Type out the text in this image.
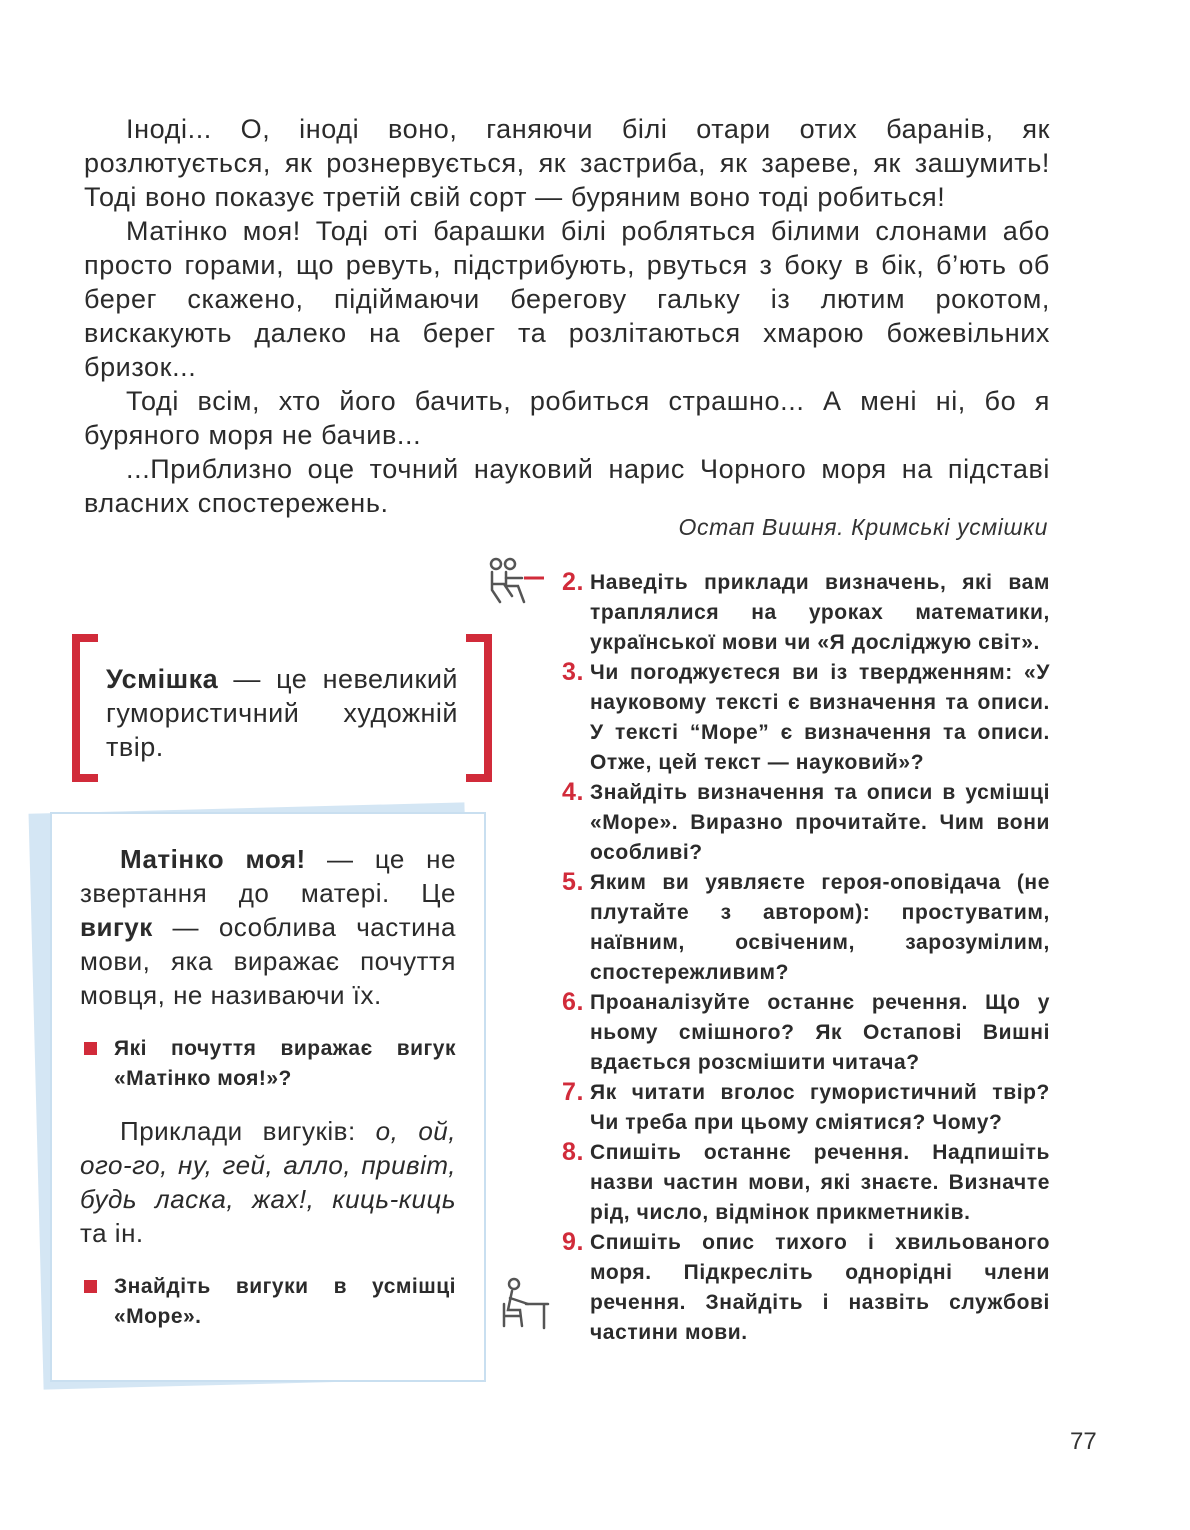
Іноді... О, іноді воно, ганяючи білі отари отих баранів, як розлютується, як рознервується, як застриба, як зареве, як зашумить! Тоді воно показує третій свій сорт — буряним воно тоді робиться!

Матінко моя! Тоді оті барашки білі робляться білими слонами або просто горами, що ревуть, підстрибують, рвуться з боку в бік, б’ють об берег скажено, підіймаючи берегову гальку із лютим рокотом, вискакують далеко на берег та розлітаються хмарою божевільних бризок...

Тоді всім, хто його бачить, робиться страшно... А мені ні, бо я буряного моря не бачив...

...Приблизно оце точний науковий нарис Чорного моря на підставі власних спостережень.

Остап Вишня. Кримські усмішки
Усмішка — це невеликий гумористичний художній твір.

Матінко моя! — це не звертання до матері. Це вигук — особлива частина мови, яка виражає почуття мовця, не називаючи їх.

Які почуття виражає вигук «Матінко моя!»?

Приклади вигуків: о, ой, ого-го, ну, гей, алло, привіт, будь ласка, жах!, киць-киць та ін.

Знайдіть вигуки в усмішці «Море».

2. Наведіть приклади визначень, які вам траплялися на уроках математики, української мови чи «Я досліджую світ».
3. Чи погоджуєтеся ви із твердженням: «У науковому тексті є визначення та описи. У тексті “Море” є визначення та описи. Отже, цей текст — науковий»?
4. Знайдіть визначення та описи в усмішці «Море». Виразно прочитайте. Чим вони особливі?
5. Яким ви уявляєте героя-оповідача (не плутайте з автором): простуватим, наївним, освіченим, зарозумілим, спостережливим?
6. Проаналізуйте останнє речення. Що у ньому смішного? Як Остапові Вишні вдається розсмішити читача?
7. Як читати вголос гумористичний твір? Чи треба при цьому сміятися? Чому?
8. Спишіть останнє речення. Надпишіть назви частин мови, які знаєте. Визначте рід, число, відмінок прикметників.
9. Спишіть опис тихого і хвильованого моря. Підкресліть однорідні члени речення. Знайдіть і назвіть службові частини мови.
77
